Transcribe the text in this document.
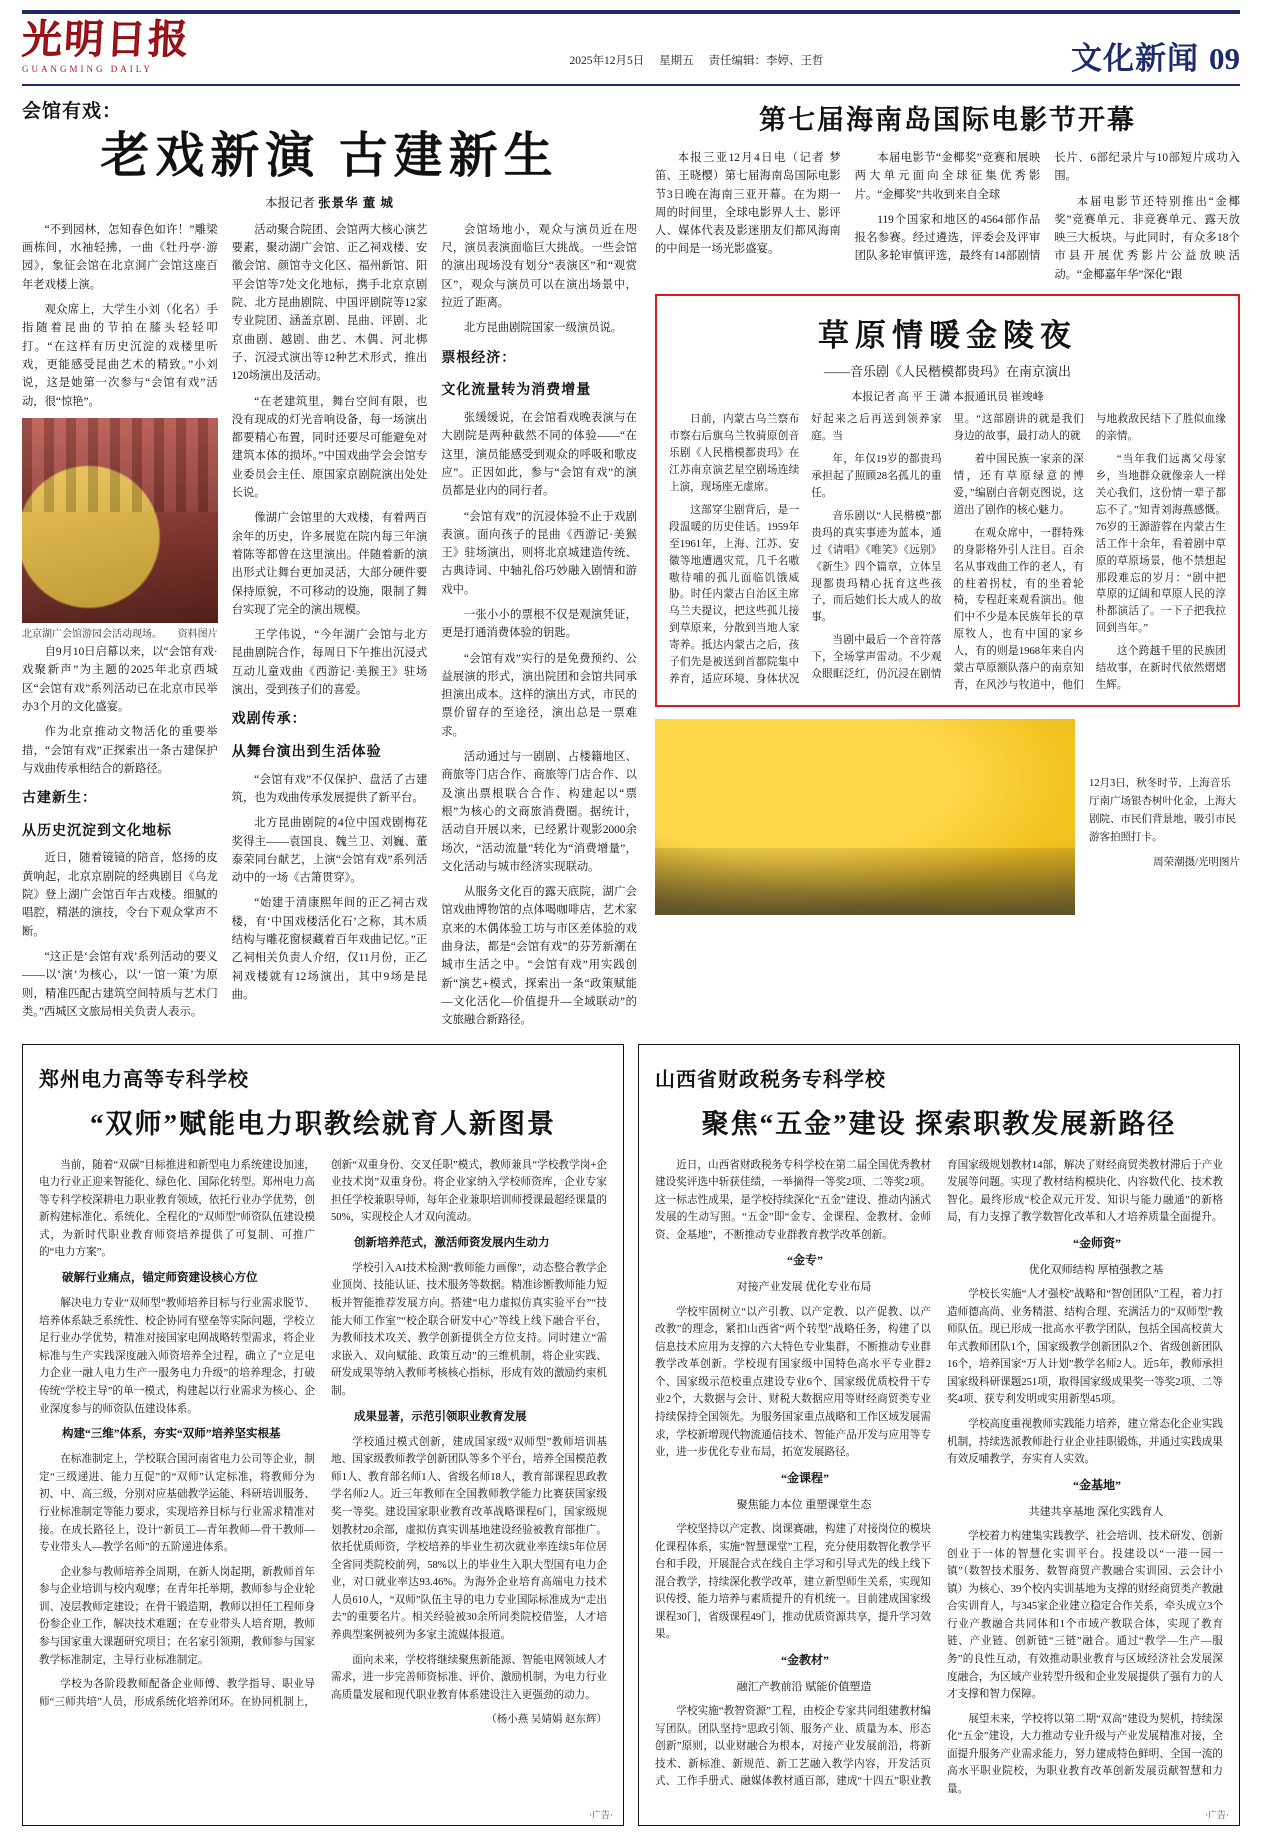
光明日报
GUANGMING DAILY
2025年12月5日 星期五 责任编辑：李婷、王哲	文化新闻 09
会馆有戏：
老戏新演 古建新生
本报记者 张景华 董 城

“不到园林，怎知春色如许！”雕梁画栋间，水袖轻拂，一曲《牡丹亭·游园》，象征会馆在北京洞广会馆这座百年老戏楼上演。

观众席上，大学生小刘（化名）手指随着昆曲的节拍在膝头轻轻叩打。“在这样有历史沉淀的戏楼里听戏，更能感受昆曲艺术的精致。”小刘说，这是她第一次参与“会馆有戏”活动，很“惊艳”。

北京湖广会馆游园会活动现场。 资料图片

自9月10日启幕以来，以“会馆有戏·戏聚新声”为主题的2025年北京西城区“会馆有戏”系列活动已在北京市民举办3个月的文化盛宴。

作为北京推动文物活化的重要举措，“会馆有戏”正探索出一条古建保护与戏曲传承相结合的新路径。

古建新生：
从历史沉淀到文化地标

近日，随着镜镜的陪音，悠扬的皮黄响起，北京京剧院的经典剧目《乌龙院》登上湖广会馆百年古戏楼。细腻的唱腔，精湛的演技，令台下观众掌声不断。

“这正是‘会馆有戏’系列活动的要义——以‘演’为核心，以‘一馆一策’为原则，精准匹配古建筑空间特质与艺术门类。”西城区文旅局相关负责人表示。

活动聚合院团、会馆两大核心演艺要素，聚动湖广会馆、正乙祠戏楼、安徽会馆、颜馆寺文化区、福州新馆、阳平会馆等7处文化地标，携手北京京剧院、北方昆曲剧院、中国评剧院等12家专业院团、涵盖京剧、昆曲、评剧、北京曲剧、越剧、曲艺、木偶、河北梆子、沉浸式演出等12种艺术形式，推出120场演出及活动。

“在老建筑里，舞台空间有限，也没有现成的灯光音响设备，每一场演出都要精心布置，同时还要尽可能避免对建筑本体的损坏。”中国戏曲学会会馆专业委员会主任、原国家京剧院演出处处长说。

像湖广会馆里的大戏楼，有着两百余年的历史，许多展览在院内每三年演着陈等都曾在这里演出。伴随着新的演出形式让舞台更加灵活，大部分硬件要保持原貌，不可移动的设施，限制了舞台实现了完全的演出规模。

王学伟说，“今年湖广会馆与北方昆曲剧院合作，每周日下午推出沉浸式互动儿童戏曲《西游记·美猴王》驻场演出，受到孩子们的喜爱。

戏剧传承：
从舞台演出到生活体验

“会馆有戏”不仅保护、盘活了古建筑，也为戏曲传承发展提供了新平台。

北方昆曲剧院的4位中国戏剧梅花奖得主——袁国良、魏兰卫、刘巍、董泰荣同台献艺，上演“会馆有戏”系列活动中的一场《古箫贯穿》。

“始建于清康熙年间的正乙祠古戏楼，有‘中国戏楼活化石’之称，其木质结构与雕花窗棂藏着百年戏曲记忆。”正乙祠相关负责人介绍，仅11月份，正乙祠戏楼就有12场演出，其中9场是昆曲。

会馆场地小，观众与演员近在咫尺，演员表演面临巨大挑战。一些会馆的演出现场没有划分“表演区”和“观赏区”，观众与演员可以在演出场景中，拉近了距离。

北方昆曲剧院国家一级演员说。

票根经济：
文化流量转为消费增量

张缓缓说，在会馆看戏晚表演与在大剧院是两种截然不同的体验——“在这里，演员能感受到观众的呼吸和歌皮应”。正因如此，参与“会馆有戏”的演员都是业内的同行者。

“会馆有戏”的沉浸体验不止于戏剧表演。面向孩子的昆曲《西游记·美猴王》驻场演出，则将北京城建造传统、古典诗词、中轴礼俗巧妙融入剧情和游戏中。

一张小小的票根不仅是观演凭证，更是打通消费体验的钥匙。

“会馆有戏”实行的是免费预约、公益展演的形式，演出院团和会馆共同承担演出成本。这样的演出方式，市民的票价留存的至途径，演出总是一票难求。

活动通过与一剧剧、占楼籍地区、商旅等门店合作、商旅等门店合作、以及演出票根联合合作、构建起以“票根”为核心的文商旅消费圈。据统计，活动自开展以来，已经累计观影2000余场次，“活动流量”转化为“消费增量”，文化活动与城市经济实现联动。

从服务文化百的露天底院，湖广会馆戏曲博物馆的点体喝咖啡店，艺术家京来的木偶体验工坊与市区差体验的戏曲身法，都是“会馆有戏”的芬芳新潮在城市生活之中。“会馆有戏”用实践创新“演艺+模式，探索出一条“政策赋能—文化活化—价值提升—全域联动”的文旅融合新路径。

第七届海南岛国际电影节开幕

本报三亚12月4日电（记者 梦笛、王晓樱）第七届海南岛国际电影节3日晚在海南三亚开幕。在为期一周的时间里，全球电影界人士、影评人、媒体代表及影迷朋友们都风海南的中间是一场光影盛宴。

本届电影节“金椰奖”竞赛和展映两大单元面向全球征集优秀影片。“金椰奖”共收到来自全球

119个国家和地区的4564部作品报名参赛。经过遴选，评委会及评审团队多轮审慎评选，最终有14部剧情长片、6部纪录片与10部短片成功入围。

本届电影节还特别推出“金椰奖”竞赛单元、非竞赛单元、露天放映三大板块。与此同时，有众多18个市县开展优秀影片公益放映活动。“金椰嘉年华”深化“跟

草原情暖金陵夜
——音乐剧《人民楷模都贵玛》在南京演出
本报记者 高 平 王 潇 本报通讯员 崔竣峰

日前，内蒙古乌兰察布市察右后旗乌兰牧骑原创音乐剧《人民楷模都贵玛》在江苏南京演艺星空剧场连续上演，现场座无虚席。

这部穿尘剧背后，是一段温暖的历史佳话。1959年至1961年，上海、江苏、安徽等地遭遇灾荒，几千名嗷嗷待哺的孤儿面临饥饿威胁。时任内蒙古自治区主席乌兰夫提议，把这些孤儿接到草原来，分散到当地人家寄养。抵达内蒙古之后，孩子们先是被送到首都院集中养育，适应环境、身体状况好起来之后再送到领养家庭。当

年，年仅19岁的都贵玛承担起了照顾28名孤儿的重任。

音乐剧以“人民楷模”都贵玛的真实事迹为蓝本，通过《请唱》《唯笑》《远别》《新生》四个篇章，立体呈现都贵玛精心抚育这些孩子，而后她们长大成人的故事。

当剧中最后一个音符落下，全场掌声雷动。不少观众眼眶泛红，仍沉浸在剧情里。“这部剧讲的就是我们身边的故事，最打动人的就

着中国民族一家亲的深情，还有草原绿意的博爱，”编剧白音朝克图说，这道出了剧作的核心魅力。

在观众席中，一群特殊的身影格外引人注目。百余名从事戏曲工作的老人，有的柱着拐杖，有的坐着轮椅，专程赶来观看演出。他们中不少是本民族年长的草原牧人，也有中国的家乡人，有的则是1968年来自内蒙古草原额队落户的南京知青，在风沙与牧道中，他们与地救敌民结下了胜似血缘的亲情。

“当年我们远离父母家乡，当地群众就像亲人一样关心我们，这份情一辈子都忘不了。”知青刘海燕感慨。76岁的王源游蓉在内蒙古生活工作十余年，看着剧中草原的草原场景，他不禁想起那段难忘的岁月：“剧中把草原的辽阔和草原人民的淳朴都演活了。一下子把我拉回到当年。”

这个跨越千里的民族团结故事，在新时代依然熠熠生辉。

12月3日，秋冬时节，上海音乐厅南广场银杏树叶化金，上海大剧院、市民们背景地，吸引市民游客拍照打卡。
周荣潮摄/光明图片
郑州电力高等专科学校
“双师”赋能电力职教绘就育人新图景

当前，随着“双碳”目标推进和新型电力系统建设加速，电力行业正迎来智能化、绿色化、国际化转型。郑州电力高等专科学校深耕电力职业教育领域，依托行业办学优势，创新构建标准化、系统化、全程化的“双师型”师资队伍建设模式，为新时代职业教育师资培养提供了可复制、可推广的“电力方案”。

破解行业痛点，锚定师资建设核心方位

解决电力专业“双师型”教师培养目标与行业需求脱节、培养体系缺乏系统性、校企协同有壁垒等实际问题，学校立足行业办学优势，精准对接国家电网战略转型需求，将企业标准与生产实践深度融入师资培养全过程，确立了“立足电力企业一融人电力生产一服务电力升级”的培养理念，打破传统“学校主导”的单一模式，构建起以行业需求为核心、企业深度参与的师资队伍建设体系。

构建“三维”体系，夯实“双师”培养坚实根基

在标准制定上，学校联合国河南省电力公司等企业，制定“三级递进、能力互促”的“双师”认定标准，将教师分为初、中、高三级，分别对应基础教学运能、科研培训服务、行业标准制定等能力要求，实现培养目标与行业需求精准对接。在成长路径上，设计“新员工—青年教师—骨干教师—专业带头人—教学名师”的五阶递进体系。

企业参与教师培养全周期，在新人岗起期，新教师首年参与企业培训与校内观摩；在青年托举期，教师参与企业轮训、凌层教师定建设；在骨干锻造期，教师以担任工程师身份参企业工作，解决技术难题；在专业带头人培育期，教师参与国家重大课题研究项目；在名家引领期，教师参与国家教学标准制定，主导行业标准制定。

学校为各阶段教师配备企业师傅、教学指导、职业导师“三师共培”人员，形成系统化培养闭环。在协同机制上，创新“双重身份、交叉任职”模式，教师兼具“学校教学岗+企业技术岗”双重身份。将企业家纳入学校师资库，企业专家担任学校兼职导师，每年企业兼职培训师授课最超经课量的50%，实现校企人才双向流动。

创新培养范式，激活师资发展内生动力

学校引入AI技术检测“教师能力画像”，动态整合教学企业顶岗、技能认证、技术服务等数据。精准诊断教师能力短板并智能推荐发展方向。搭建“电力虚拟仿真实验平台”“技能大师工作室”“校企联合研发中心”等线上线下融合平台，为教师技术攻关、教学创新提供全方位支持。同时建立“需求嵌入、双向赋能、政策互动”的三维机制，将企业实践、研发成果等纳入教师考核核心指标，形成有效的激励约束机制。

成果显著，示范引领职业教育发展

学校通过模式创新，建成国家级“双师型”教师培训基地、国家级教师教学创新团队等多个平台，培养全国模范教师1人、教育部名师1人、省级名师18人，教育部课程思政教学名师2人。近三年教师在全国教师教学能力比赛获国家级奖一等奖。建设国家职业教育改革战略课程6门，国家级规划教材20余部，虚拟仿真实训基地建设经验被教育部推广。依托优质师资，学校培养的毕业生初次就业率连续5年位居全省同类院校前列，58%以上的毕业生入职大型国有电力企业，对口就业率达93.46%。为海外企业培育高端电力技术人员610人，“双师”队伍主导的电力专业国际标准成为“走出去”的重要名片。相关经验被30余所同类院校借鉴，人才培养典型案例被列为多家主流媒体报道。

面向未来，学校将继续聚焦新能源、智能电网领域人才需求，进一步完善师资标准、评价、激励机制，为电力行业高质量发展和现代职业教育体系建设注入更强劲的动力。

（杨小燕 吴婧娟 赵东辉）

·广告·
山西省财政税务专科学校
聚焦“五金”建设 探索职教发展新路径

近日，山西省财政税务专科学校在第二届全国优秀教材建设奖评选中斩获佳绩，一举摘得一等奖2项、二等奖2项。这一标志性成果，是学校持续深化“五金”建设、推动内涵式发展的生动写照。“五金”即“金专、金课程、金教材、金师资、金基地”，不断推动专业群教育教学改革创新。

“金专”

对接产业发展 优化专业布局

学校牢固树立“以产引教、以产定教、以产促教、以产改教”的理念，紧扣山西省“两个转型”战略任务，构建了以信息技术应用为支撑的六大特色专业集群，不断推动专业群教学改革创新。学校现有国家级中国特色高水平专业群2个、国家级示范校重点建设专业6个、国家级优质校骨干专业2个，大数据与会计、财税大数据应用等财经商贸类专业持续保持全国领先。为服务国家重点战略和工作区域发展需求，学校新增现代物流通信技术、智能产品开发与应用等专业，进一步优化专业布局，拓宽发展路径。

“金课程”

聚焦能力本位 重塑课堂生态

学校坚持以产定教、岗课赛融，构建了对接岗位的模块化课程体系，实施“智慧课堂”工程，充分使用数智化教学平台和手段，开展混合式在线自主学习和引导式先的线上线下混合教学，持续深化教学改革，建立新型师生关系，实现知识传授、能力培养与素质提升的有机统一。目前建成国家级课程30门，省级课程49门，推动优质资源共享，提升学习效果。

“金教材”

融汇产教前沿 赋能价值塑造

学校实施“教智资源”工程，由校企专家共同组建教材编写团队。团队坚持“思政引领、服务产业、质量为本、形态创新”原则，以业财融合为根本，对接产业发展前沿，将新技术、新标准、新规范、新工艺融入教学内容，开发活页式、工作手册式、融媒体教材通百部，建成“十四五”职业教育国家级规划教材14部，解决了财经商贸类教材滞后于产业发展等问题。实现了教材结构模块化、内容数代化、技术教智化。最终形成“校企双元开发、知识与能力融通”的新格局，有力支撑了教学数智化改革和人才培养质量全面提升。

“金师资”

优化双师结构 厚植强教之基

学校长实施“人才强校”战略和“智创团队”工程，着力打造师德高尚、业务精湛、结构合理、充满活力的“双师型”教师队伍。现已形成一批高水平教学团队，包括全国高校黄大年式教师团队1个，国家级教学创新团队2个、省级创新团队16个，培养国家“万人计划”教学名师2人。近5年，教师承担国家级科研课题251项，取得国家级成果奖一等奖2项、二等奖4项、获专利发明或实用新型45项。

学校高度重视教师实践能力培养，建立常态化企业实践机制，持续选派教师赴行业企业挂职锻炼，并通过实践成果有效反哺教学，夯实育人实效。

“金基地”

共建共享基地 深化实践育人

学校着力构建集实践教学、社会培训、技术研发、创新创业于一体的智慧化实训平台。投建设以“一港一园一镇”（数智技术服务、数智商贸产教融合实训园、云会计小镇）为核心、39个校内实训基地为支撑的财经商贸类产教融合实训育人，与345家企业建立稳定合作关系，牵头成立3个行业产教融合共同体和1个市域产教联合体，实现了教育链、产业链、创新链“三链”融合。通过“教学—生产—服务”的良性互动，有效推动职业教育与区域经济社会发展深度融合，为区域产业转型升级和企业发展提供了强有力的人才支撑和智力保障。

展望未来，学校将以第二期“双高”建设为契机，持续深化“五金”建设，大力推动专业升级与产业发展精准对接，全面提升服务产业需求能力，努力建成特色鲜明、全国一流的高水平职业院校，为职业教育改革创新发展贡献智慧和力量。

·广告·
